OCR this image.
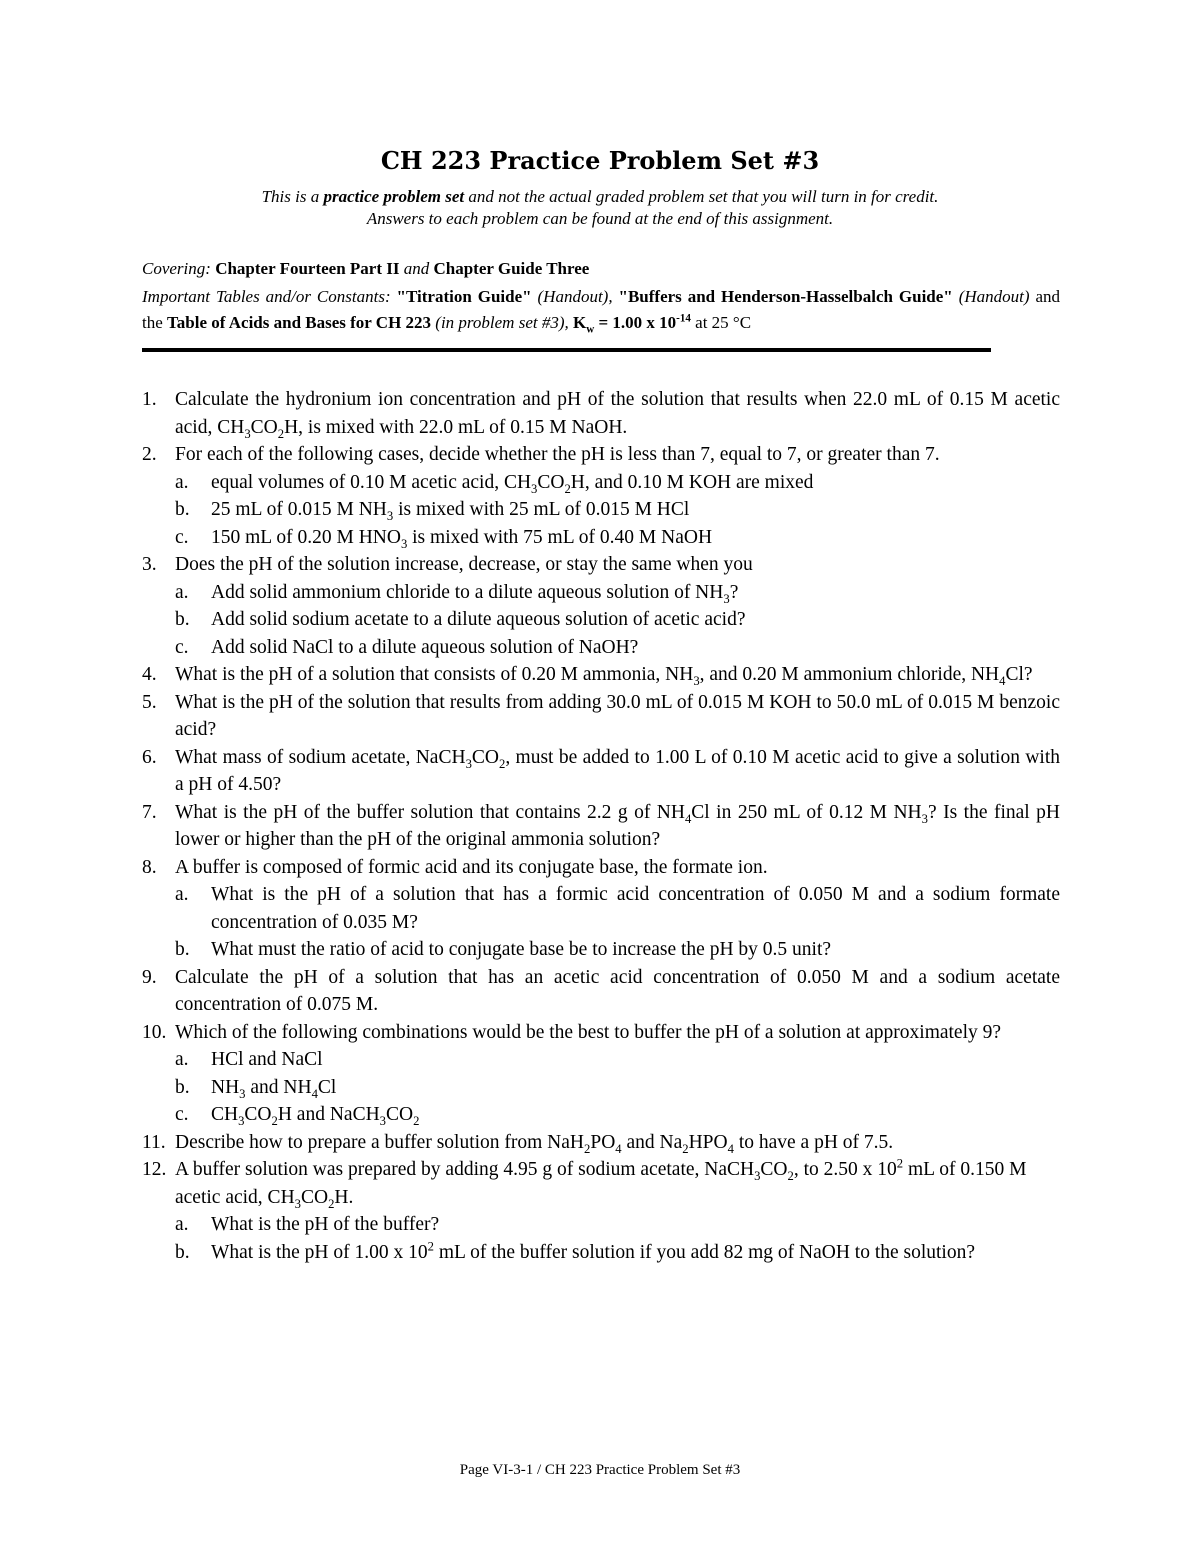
CH 223 Practice Problem Set #3
This is a practice problem set and not the actual graded problem set that you will turn in for credit.
Answers to each problem can be found at the end of this assignment.
Covering: Chapter Fourteen Part II and Chapter Guide Three
Important Tables and/or Constants: "Titration Guide" (Handout), "Buffers and Henderson-Hasselbalch Guide" (Handout) and the Table of Acids and Bases for CH 223 (in problem set #3), $K_w = 1.00$ x $10^{-14}$ at 25 °C
1. Calculate the hydronium ion concentration and pH of the solution that results when 22.0 mL of 0.15 M acetic acid, $CH_3CO_2H$, is mixed with 22.0 mL of 0.15 M NaOH.
2. For each of the following cases, decide whether the pH is less than 7, equal to 7, or greater than 7.
a. equal volumes of 0.10 M acetic acid, $CH_3CO_2H$, and 0.10 M KOH are mixed
b. 25 mL of 0.015 M $NH_3$ is mixed with 25 mL of 0.015 M HCl
c. 150 mL of 0.20 M $HNO_3$ is mixed with 75 mL of 0.40 M NaOH
3. Does the pH of the solution increase, decrease, or stay the same when you
a. Add solid ammonium chloride to a dilute aqueous solution of $NH_3$?
b. Add solid sodium acetate to a dilute aqueous solution of acetic acid?
c. Add solid NaCl to a dilute aqueous solution of NaOH?
4. What is the pH of a solution that consists of 0.20 M ammonia, $NH_3$, and 0.20 M ammonium chloride, $NH_4Cl$?
5. What is the pH of the solution that results from adding 30.0 mL of 0.015 M KOH to 50.0 mL of 0.015 M benzoic acid?
6. What mass of sodium acetate, $NaCH_3CO_2$, must be added to 1.00 L of 0.10 M acetic acid to give a solution with a pH of 4.50?
7. What is the pH of the buffer solution that contains 2.2 g of $NH_4Cl$ in 250 mL of 0.12 M $NH_3$? Is the final pH lower or higher than the pH of the original ammonia solution?
8. A buffer is composed of formic acid and its conjugate base, the formate ion.
a. What is the pH of a solution that has a formic acid concentration of 0.050 M and a sodium formate concentration of 0.035 M?
b. What must the ratio of acid to conjugate base be to increase the pH by 0.5 unit?
9. Calculate the pH of a solution that has an acetic acid concentration of 0.050 M and a sodium acetate concentration of 0.075 M.
10. Which of the following combinations would be the best to buffer the pH of a solution at approximately 9?
a. HCl and NaCl
b. $NH_3$ and $NH_4Cl$
c. $CH_3CO_2H$ and $NaCH_3CO_2$
11. Describe how to prepare a buffer solution from $NaH_2PO_4$ and $Na_2HPO_4$ to have a pH of 7.5.
12. A buffer solution was prepared by adding 4.95 g of sodium acetate, $NaCH_3CO_2$, to 2.50 x $10^2$ mL of 0.150 M acetic acid, $CH_3CO_2H$.
a. What is the pH of the buffer?
b. What is the pH of 1.00 x $10^2$ mL of the buffer solution if you add 82 mg of NaOH to the solution?
Page VI-3-1 / CH 223 Practice Problem Set #3
